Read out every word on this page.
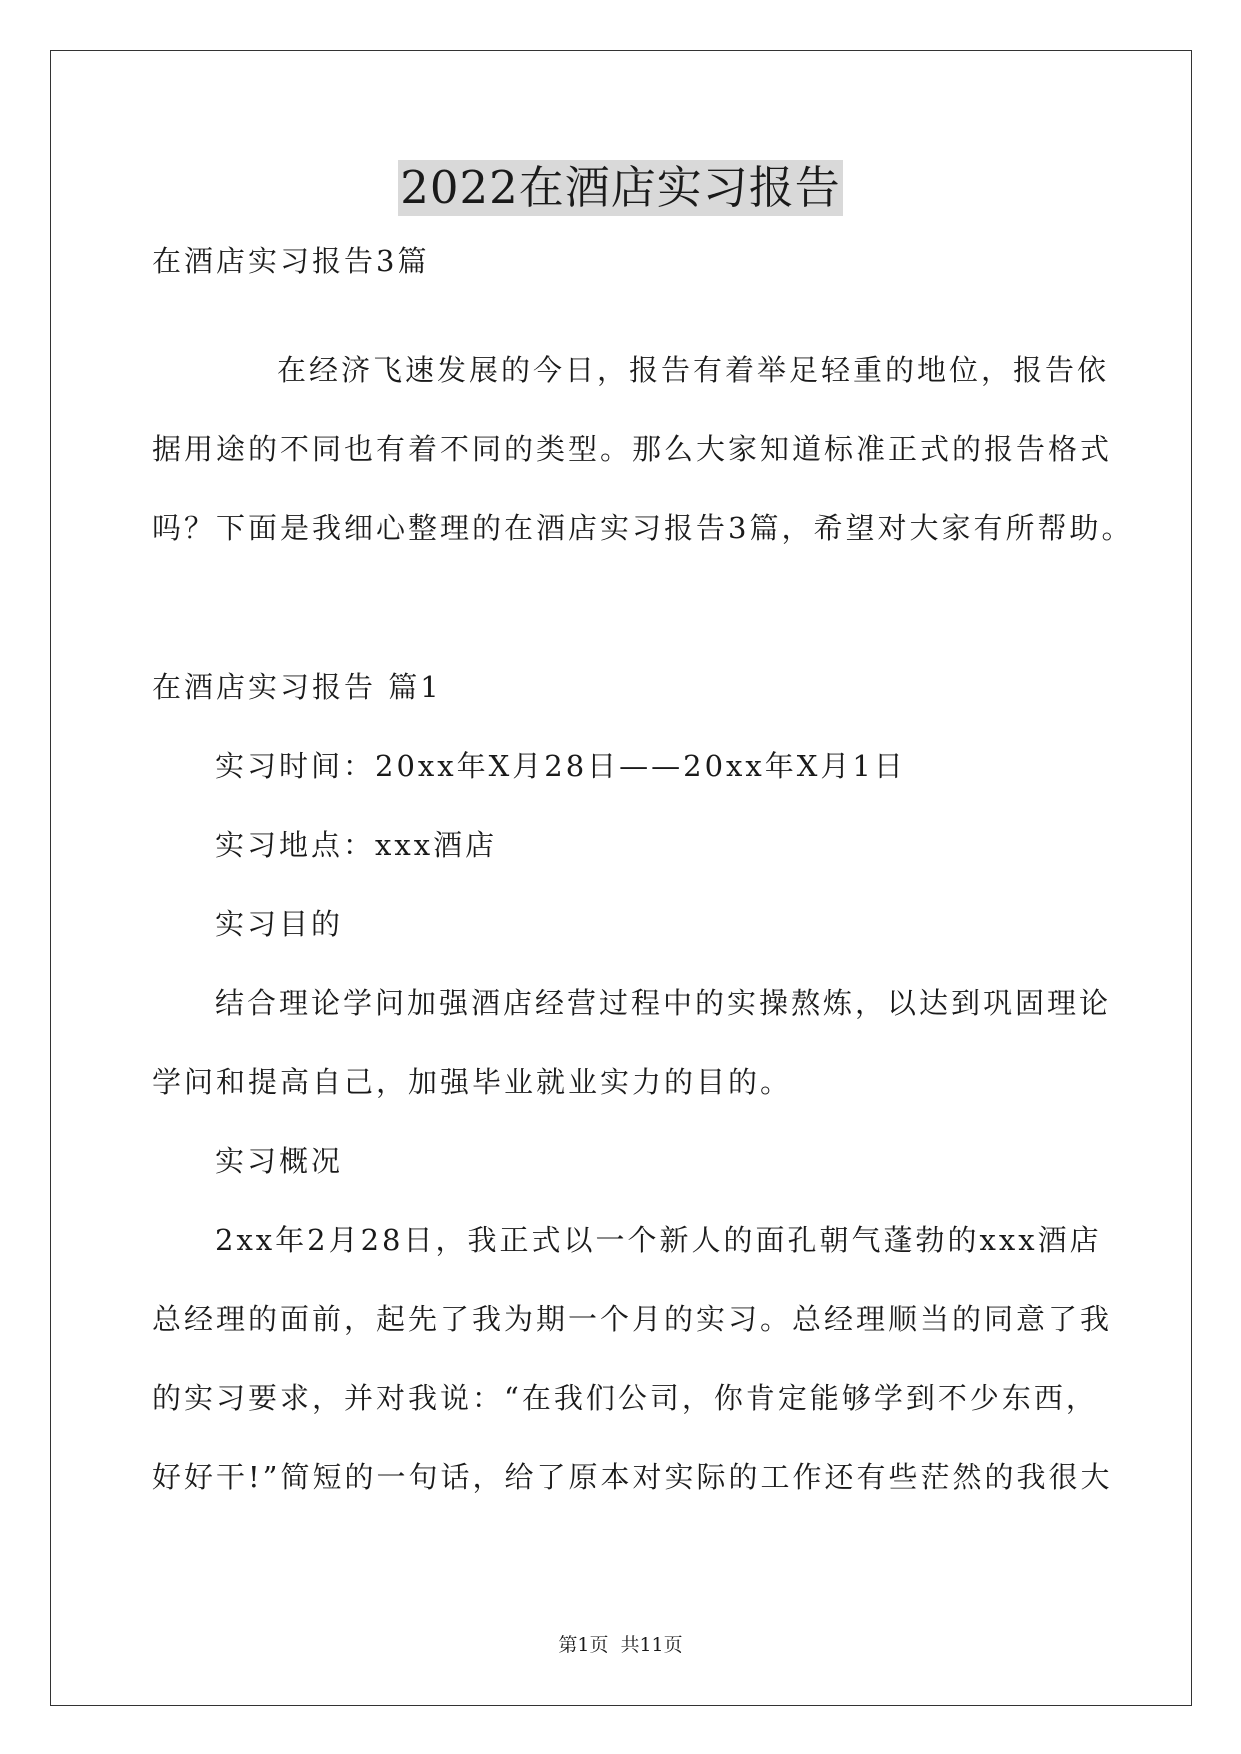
2022在酒店实习报告
在酒店实习报告3篇
在经济飞速发展的今日，报告有着举足轻重的地位，报告依
据用途的不同也有着不同的类型。那么大家知道标准正式的报告格式
吗？下面是我细心整理的在酒店实习报告3篇，希望对大家有所帮助。
在酒店实习报告 篇1
实习时间：20xx年X月28日——20xx年X月1日
实习地点：xxx酒店
实习目的
结合理论学问加强酒店经营过程中的实操熬炼，以达到巩固理论
学问和提高自己，加强毕业就业实力的目的。
实习概况
2xx年2月28日，我正式以一个新人的面孔朝气蓬勃的xxx酒店
总经理的面前，起先了我为期一个月的实习。总经理顺当的同意了我
的实习要求，并对我说：“在我们公司，你肯定能够学到不少东西，
好好干!”简短的一句话，给了原本对实际的工作还有些茫然的我很大
第1页 共11页
